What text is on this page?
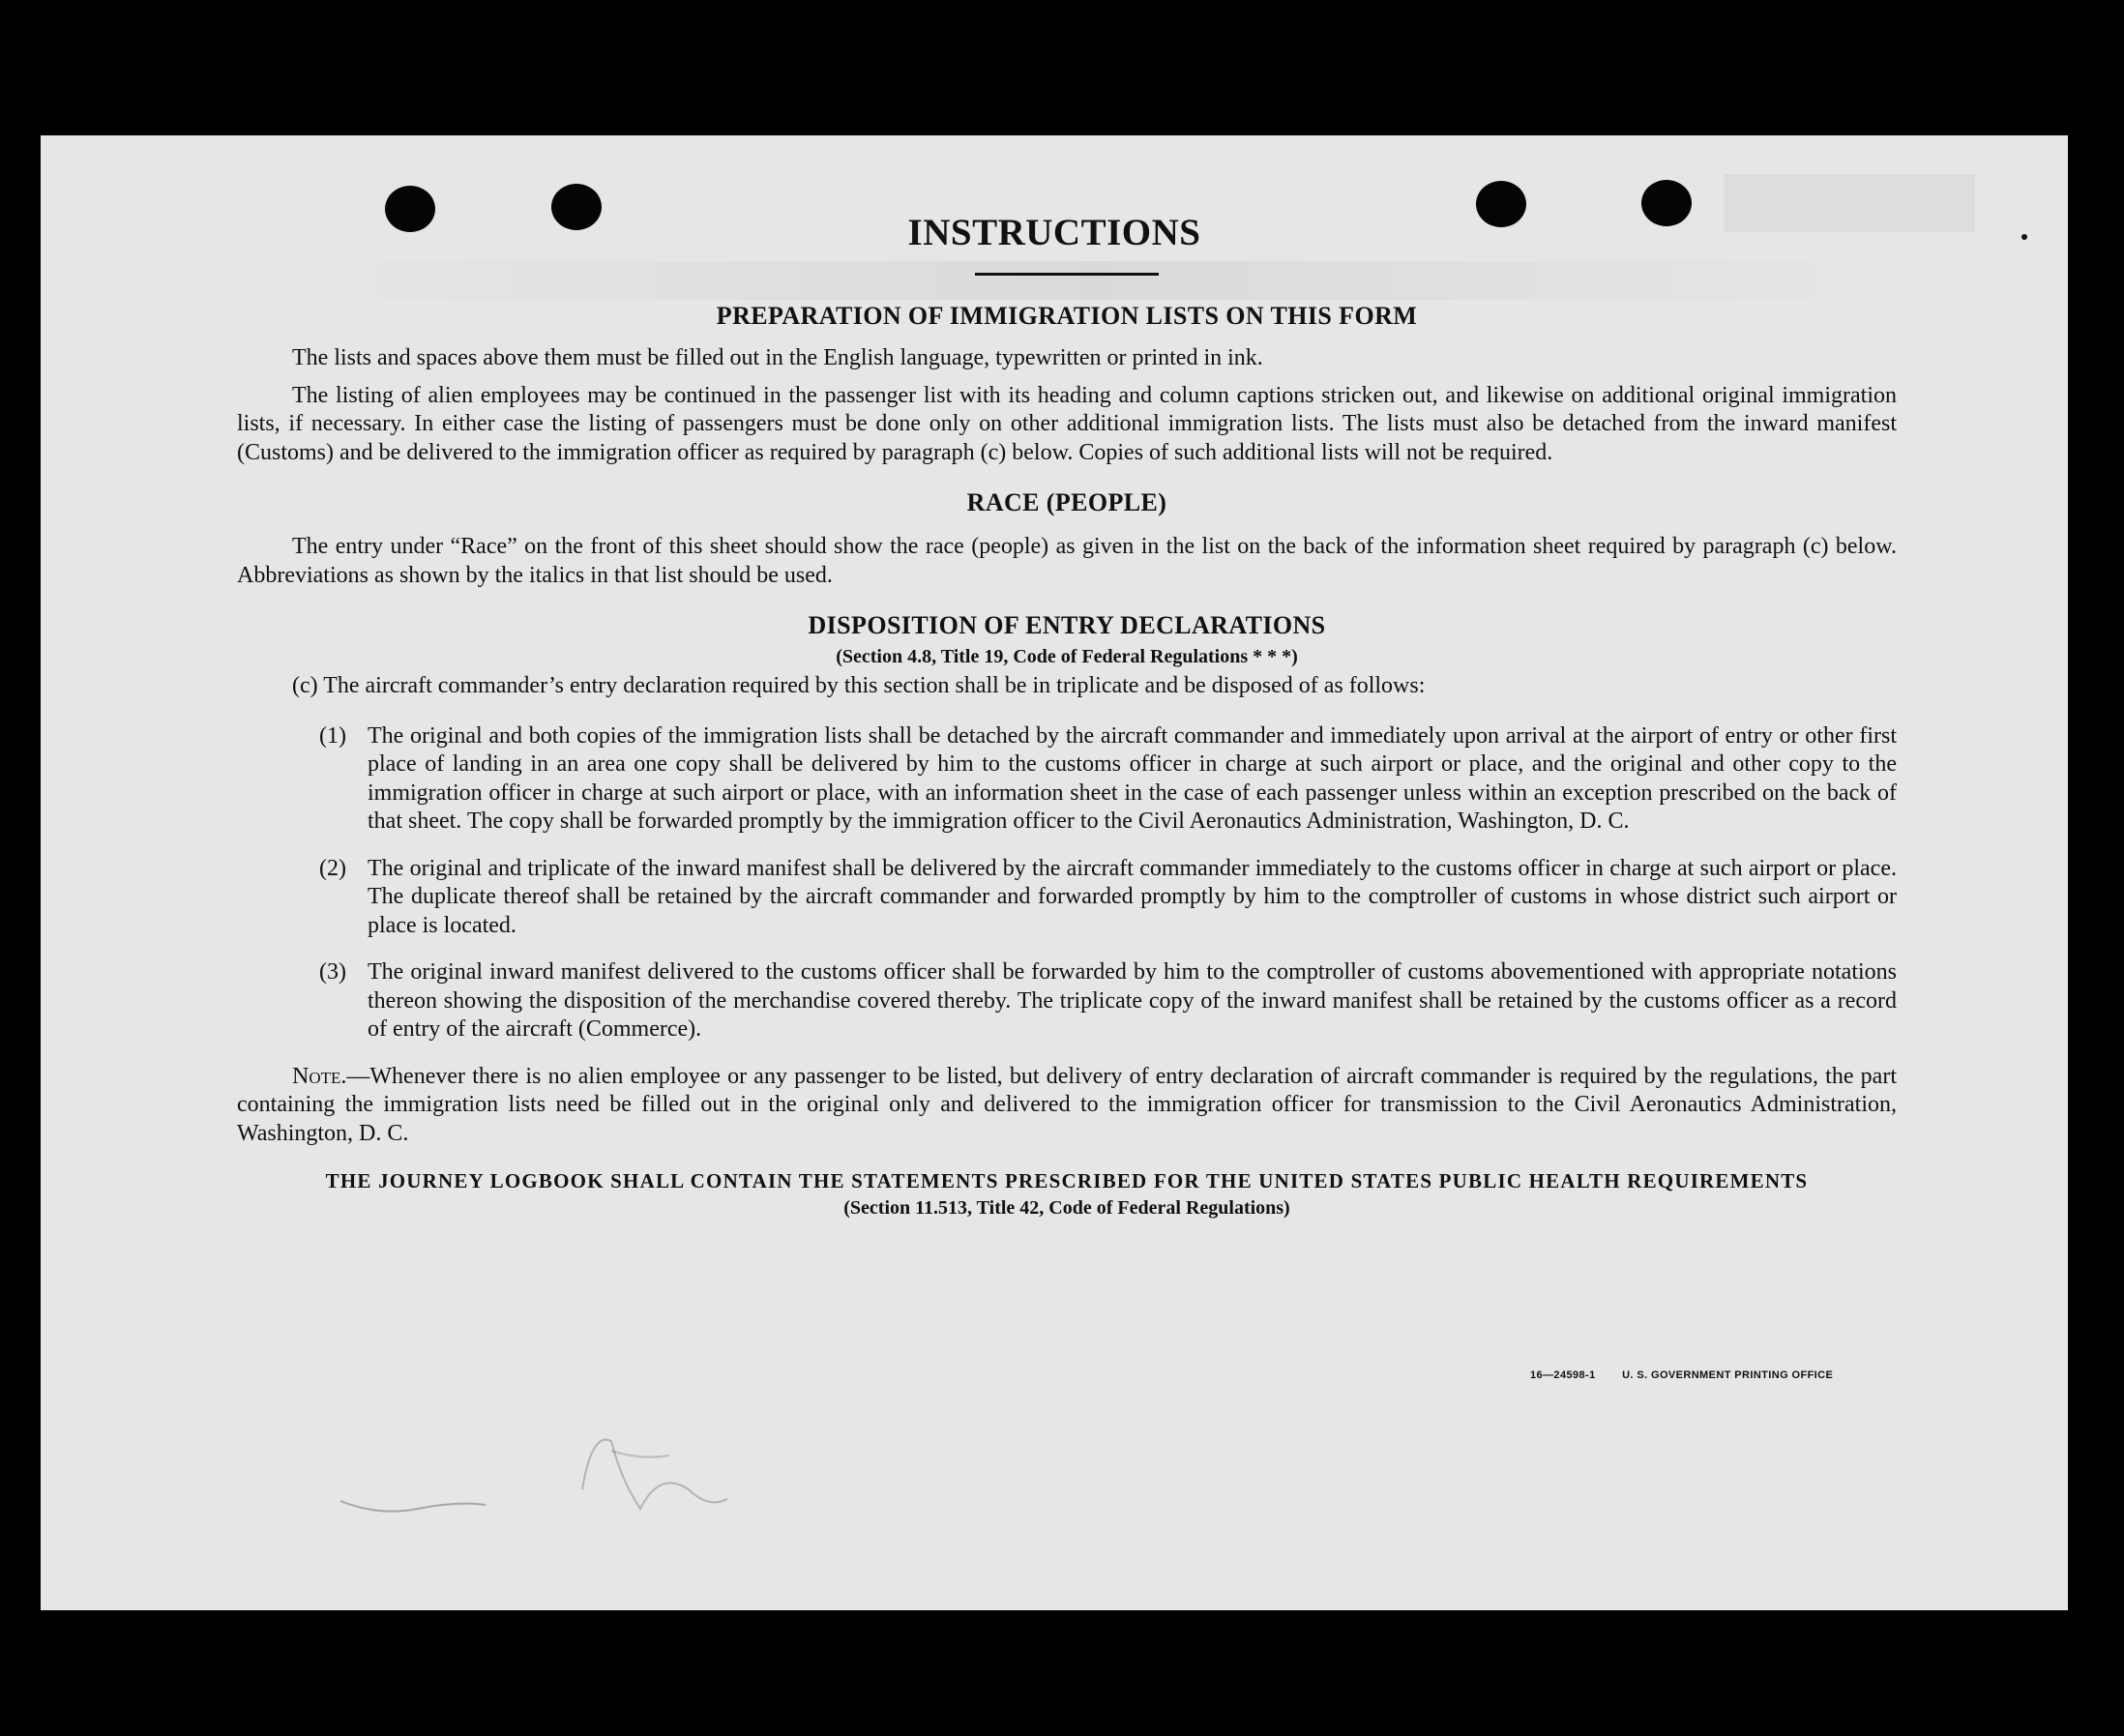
INSTRUCTIONS
PREPARATION OF IMMIGRATION LISTS ON THIS FORM

The lists and spaces above them must be filled out in the English language, typewritten or printed in ink.

The listing of alien employees may be continued in the passenger list with its heading and column captions stricken out, and likewise on additional original immigration lists, if necessary. In either case the listing of passengers must be done only on other additional immigration lists. The lists must also be detached from the inward manifest (Customs) and be delivered to the immigration officer as required by paragraph (c) below. Copies of such additional lists will not be required.

RACE (PEOPLE)

The entry under “Race” on the front of this sheet should show the race (people) as given in the list on the back of the information sheet required by paragraph (c) below. Abbreviations as shown by the italics in that list should be used.

DISPOSITION OF ENTRY DECLARATIONS

(Section 4.8, Title 19, Code of Federal Regulations * * *)

(c) The aircraft commander’s entry declaration required by this section shall be in triplicate and be disposed of as follows:

(1) The original and both copies of the immigration lists shall be detached by the aircraft commander and immediately upon arrival at the airport of entry or other first place of landing in an area one copy shall be delivered by him to the customs officer in charge at such airport or place, and the original and other copy to the immigration officer in charge at such airport or place, with an information sheet in the case of each passenger unless within an exception prescribed on the back of that sheet. The copy shall be forwarded promptly by the immigration officer to the Civil Aeronautics Administration, Washington, D. C.

(2) The original and triplicate of the inward manifest shall be delivered by the aircraft commander immediately to the customs officer in charge at such airport or place. The duplicate thereof shall be retained by the aircraft commander and forwarded promptly by him to the comptroller of customs in whose district such airport or place is located.

(3) The original inward manifest delivered to the customs officer shall be forwarded by him to the comptroller of customs abovementioned with appropriate notations thereon showing the disposition of the merchandise covered thereby. The triplicate copy of the inward manifest shall be retained by the customs officer as a record of entry of the aircraft (Commerce).

Note.—Whenever there is no alien employee or any passenger to be listed, but delivery of entry declaration of aircraft commander is required by the regulations, the part containing the immigration lists need be filled out in the original only and delivered to the immigration officer for transmission to the Civil Aeronautics Administration, Washington, D. C.

THE JOURNEY LOGBOOK SHALL CONTAIN THE STATEMENTS PRESCRIBED FOR THE UNITED STATES PUBLIC HEALTH REQUIREMENTS

(Section 11.513, Title 42, Code of Federal Regulations)

16—24598-1 U. S. GOVERNMENT PRINTING OFFICE
